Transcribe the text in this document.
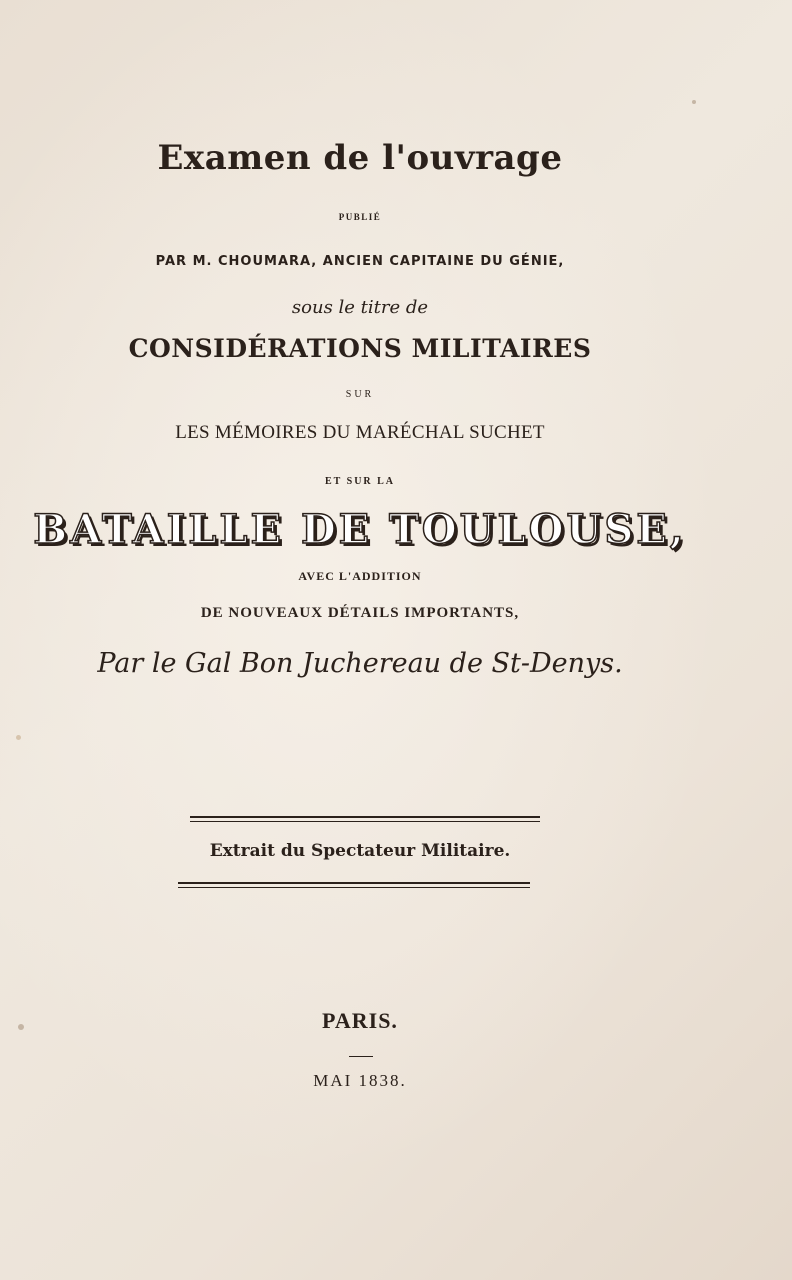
Examen de l'ouvrage
PUBLIÉ
PAR M. CHOUMARA, ANCIEN CAPITAINE DU GÉNIE,
sous le titre de
CONSIDÉRATIONS MILITAIRES
SUR
LES MÉMOIRES DU MARÉCHAL SUCHET
ET SUR LA
BATAILLE DE TOULOUSE,
AVEC L'ADDITION
DE NOUVEAUX DÉTAILS IMPORTANTS,
Par le Gal Bon Juchereau de St-Denys.
Extrait du Spectateur Militaire.
PARIS.
MAI 1838.
